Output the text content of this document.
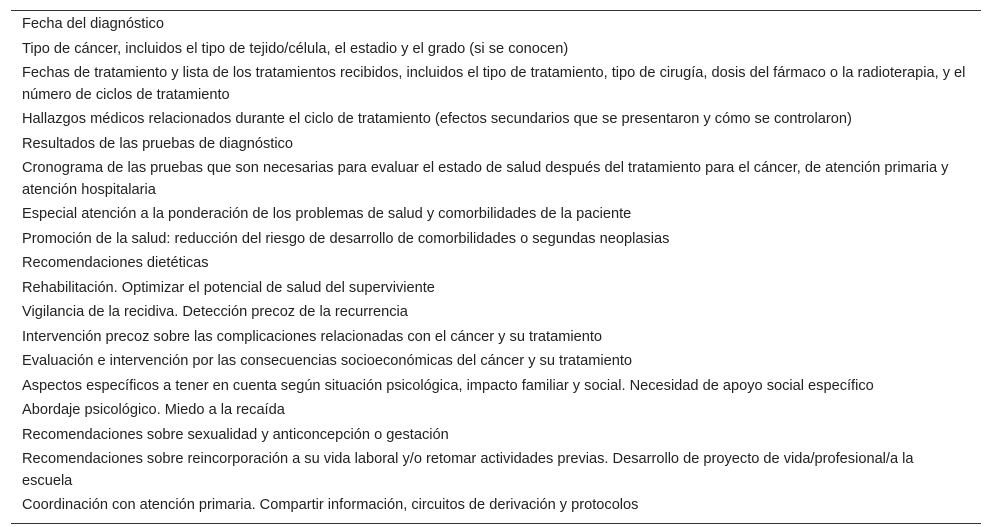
Fecha del diagnóstico
Tipo de cáncer, incluidos el tipo de tejido/célula, el estadio y el grado (si se conocen)
Fechas de tratamiento y lista de los tratamientos recibidos, incluidos el tipo de tratamiento, tipo de cirugía, dosis del fármaco o la radioterapia, y el número de ciclos de tratamiento
Hallazgos médicos relacionados durante el ciclo de tratamiento (efectos secundarios que se presentaron y cómo se controlaron)
Resultados de las pruebas de diagnóstico
Cronograma de las pruebas que son necesarias para evaluar el estado de salud después del tratamiento para el cáncer, de atención primaria y atención hospitalaria
Especial atención a la ponderación de los problemas de salud y comorbilidades de la paciente
Promoción de la salud: reducción del riesgo de desarrollo de comorbilidades o segundas neoplasias
Recomendaciones dietéticas
Rehabilitación. Optimizar el potencial de salud del superviviente
Vigilancia de la recidiva. Detección precoz de la recurrencia
Intervención precoz sobre las complicaciones relacionadas con el cáncer y su tratamiento
Evaluación e intervención por las consecuencias socioeconómicas del cáncer y su tratamiento
Aspectos específicos a tener en cuenta según situación psicológica, impacto familiar y social. Necesidad de apoyo social específico
Abordaje psicológico. Miedo a la recaída
Recomendaciones sobre sexualidad y anticoncepción o gestación
Recomendaciones sobre reincorporación a su vida laboral y/o retomar actividades previas. Desarrollo de proyecto de vida/profesional/a la escuela
Coordinación con atención primaria. Compartir información, circuitos de derivación y protocolos
